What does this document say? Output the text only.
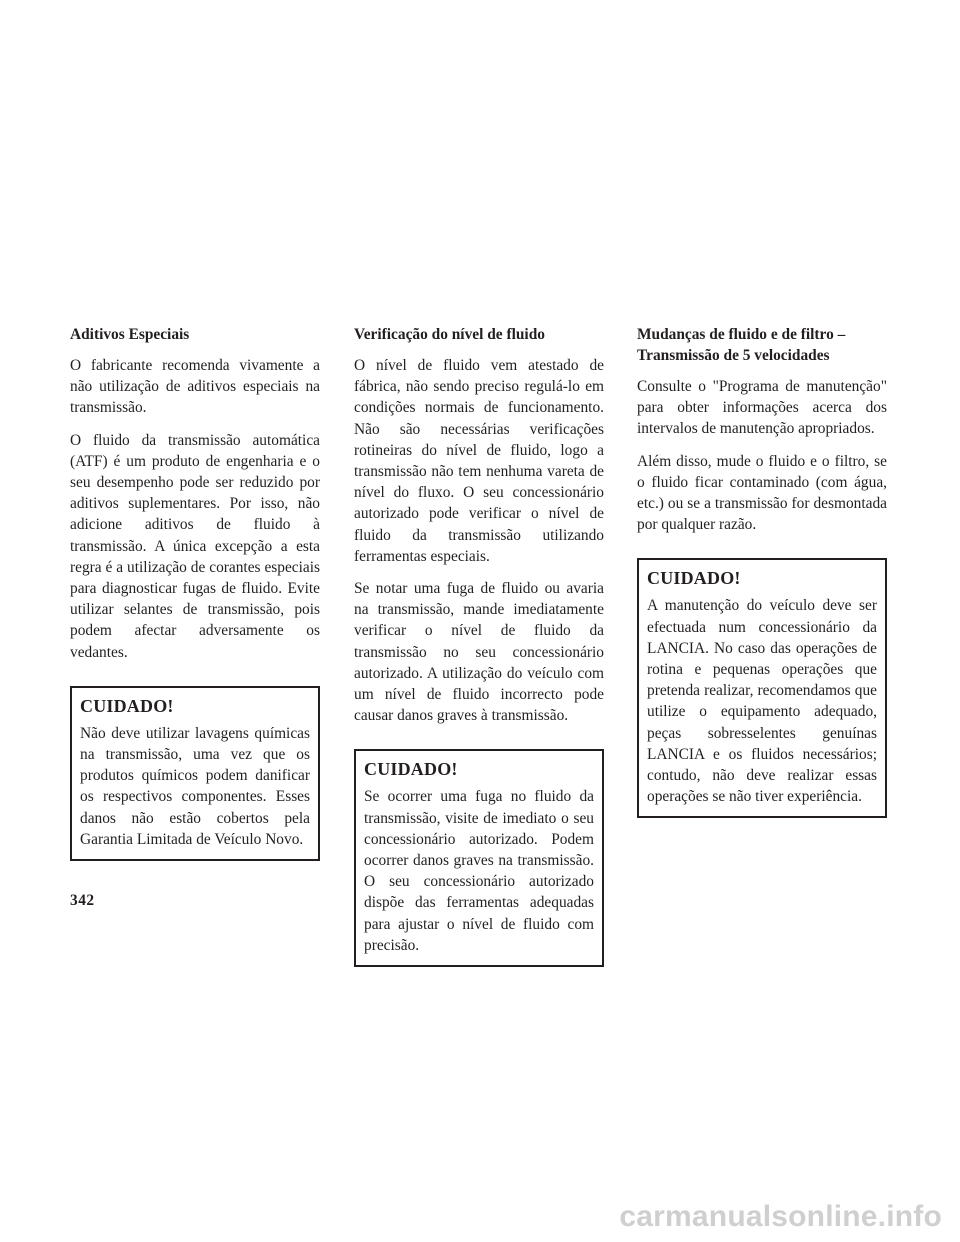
Aditivos Especiais

O fabricante recomenda vivamente a não utilização de aditivos especiais na transmissão.

O fluido da transmissão automática (ATF) é um produto de engenharia e o seu desempenho pode ser reduzido por aditivos suplementares. Por isso, não adicione aditivos de fluido à transmissão. A única excepção a esta regra é a utilização de corantes especiais para diagnosticar fugas de fluido. Evite utilizar selantes de transmissão, pois podem afectar adversamente os vedantes.

CUIDADO!

Não deve utilizar lavagens químicas na transmissão, uma vez que os produtos químicos podem danificar os respectivos componentes. Esses danos não estão cobertos pela Garantia Limitada de Veículo Novo.

Verificação do nível de fluido

O nível de fluido vem atestado de fábrica, não sendo preciso regulá-lo em condições normais de funcionamento. Não são necessárias verificações rotineiras do nível de fluido, logo a transmissão não tem nenhuma vareta de nível do fluxo. O seu concessionário autorizado pode verificar o nível de fluido da transmissão utilizando ferramentas especiais.

Se notar uma fuga de fluido ou avaria na transmissão, mande imediatamente verificar o nível de fluido da transmissão no seu concessionário autorizado. A utilização do veículo com um nível de fluido incorrecto pode causar danos graves à transmissão.

CUIDADO!

Se ocorrer uma fuga no fluido da transmissão, visite de imediato o seu concessionário autorizado. Podem ocorrer danos graves na transmissão. O seu concessionário autorizado dispõe das ferramentas adequadas para ajustar o nível de fluido com precisão.

Mudanças de fluido e de filtro –
Transmissão de 5 velocidades

Consulte o "Programa de manutenção" para obter informações acerca dos intervalos de manutenção apropriados.

Além disso, mude o fluido e o filtro, se o fluido ficar contaminado (com água, etc.) ou se a transmissão for desmontada por qualquer razão.

CUIDADO!

A manutenção do veículo deve ser efectuada num concessionário da LANCIA. No caso das operações de rotina e pequenas operações que pretenda realizar, recomendamos que utilize o equipamento adequado, peças sobresselentes genuínas LANCIA e os fluidos necessários; contudo, não deve realizar essas operações se não tiver experiência.

342
carmanualsonline.info
